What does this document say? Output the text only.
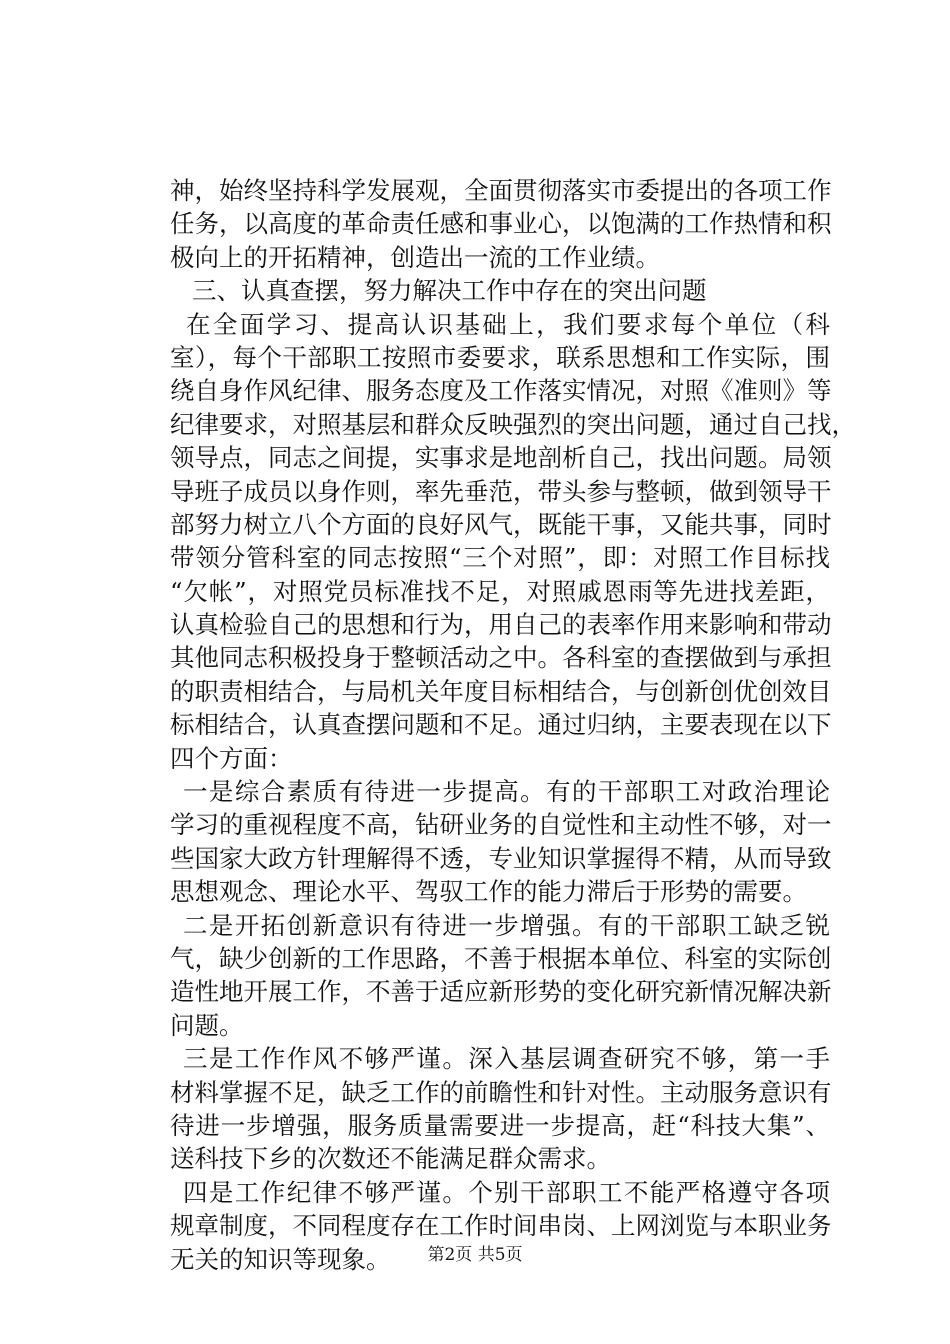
神，始终坚持科学发展观，全面贯彻落实市委提出的各项工作
任务，以高度的革命责任感和事业心，以饱满的工作热情和积
极向上的开拓精神，创造出一流的工作业绩。
三、认真查摆，努力解决工作中存在的突出问题
在全面学习、提高认识基础上，我们要求每个单位（科
室），每个干部职工按照市委要求，联系思想和工作实际，围
绕自身作风纪律、服务态度及工作落实情况，对照《准则》等
纪律要求，对照基层和群众反映强烈的突出问题，通过自己找，
领导点，同志之间提，实事求是地剖析自己，找出问题。局领
导班子成员以身作则，率先垂范，带头参与整顿，做到领导干
部努力树立八个方面的良好风气，既能干事，又能共事，同时
带领分管科室的同志按照“三个对照”，即：对照工作目标找
“欠帐”，对照党员标准找不足，对照戚恩雨等先进找差距，
认真检验自己的思想和行为，用自己的表率作用来影响和带动
其他同志积极投身于整顿活动之中。各科室的查摆做到与承担
的职责相结合，与局机关年度目标相结合，与创新创优创效目
标相结合，认真查摆问题和不足。通过归纳，主要表现在以下
四个方面：
一是综合素质有待进一步提高。有的干部职工对政治理论
学习的重视程度不高，钻研业务的自觉性和主动性不够，对一
些国家大政方针理解得不透，专业知识掌握得不精，从而导致
思想观念、理论水平、驾驭工作的能力滞后于形势的需要。
二是开拓创新意识有待进一步增强。有的干部职工缺乏锐
气，缺少创新的工作思路，不善于根据本单位、科室的实际创
造性地开展工作，不善于适应新形势的变化研究新情况解决新
问题。
三是工作作风不够严谨。深入基层调查研究不够，第一手
材料掌握不足，缺乏工作的前瞻性和针对性。主动服务意识有
待进一步增强，服务质量需要进一步提高，赶“科技大集”、
送科技下乡的次数还不能满足群众需求。
四是工作纪律不够严谨。个别干部职工不能严格遵守各项
规章制度，不同程度存在工作时间串岗、上网浏览与本职业务
无关的知识等现象。	第2页 共5页
